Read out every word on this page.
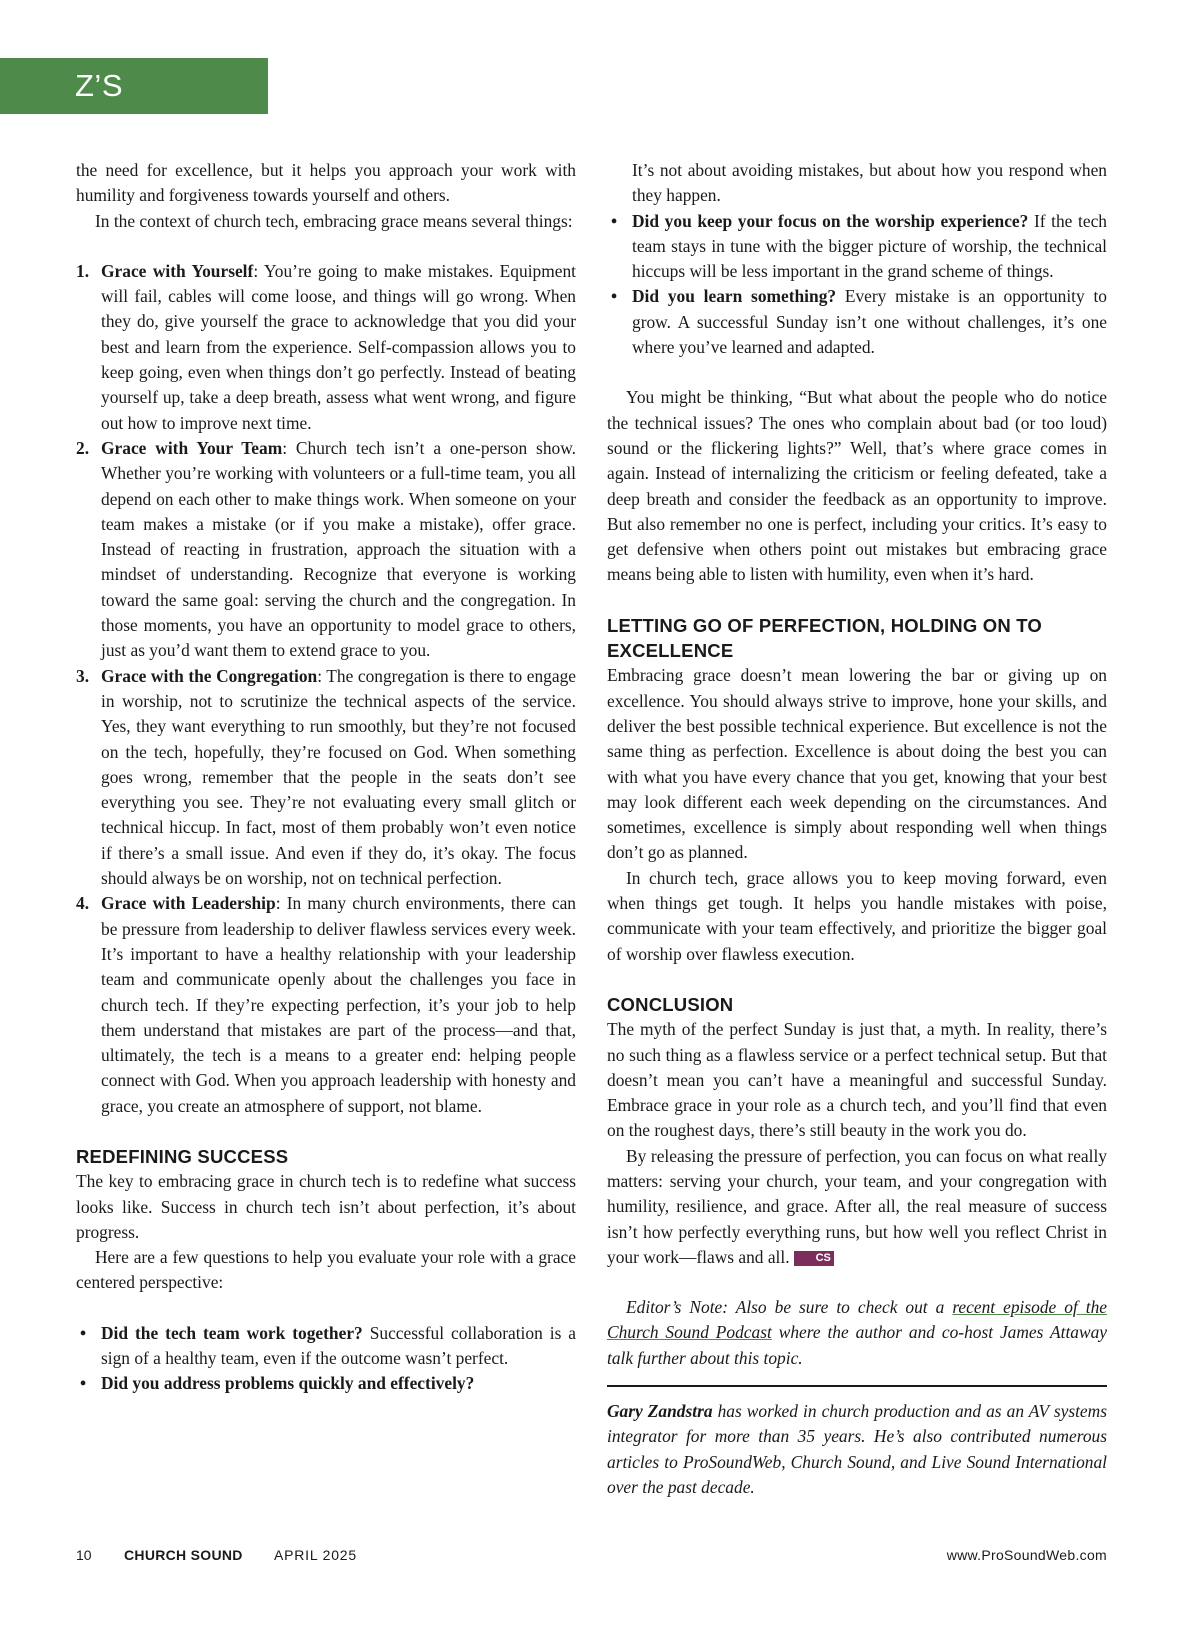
Z’S CORNER

the need for excellence, but it helps you approach your work with humility and forgiveness towards yourself and others.

In the context of church tech, embracing grace means several things:

1. Grace with Yourself: You’re going to make mistakes. Equipment will fail, cables will come loose, and things will go wrong. When they do, give yourself the grace to acknowledge that you did your best and learn from the experience. Self-compassion allows you to keep going, even when things don’t go perfectly. Instead of beating yourself up, take a deep breath, assess what went wrong, and figure out how to improve next time.
2. Grace with Your Team: Church tech isn’t a one-person show. Whether you’re working with volunteers or a full-time team, you all depend on each other to make things work. When someone on your team makes a mistake (or if you make a mistake), offer grace. Instead of reacting in frustration, approach the situation with a mindset of understanding. Recognize that everyone is working toward the same goal: serving the church and the congregation. In those moments, you have an opportunity to model grace to others, just as you’d want them to extend grace to you.
3. Grace with the Congregation: The congregation is there to engage in worship, not to scrutinize the technical aspects of the service. Yes, they want everything to run smoothly, but they’re not focused on the tech, hopefully, they’re focused on God. When something goes wrong, remember that the people in the seats don’t see everything you see. They’re not evaluating every small glitch or technical hiccup. In fact, most of them probably won’t even notice if there’s a small issue. And even if they do, it’s okay. The focus should always be on worship, not on technical perfection.
4. Grace with Leadership: In many church environments, there can be pressure from leadership to deliver flawless services every week. It’s important to have a healthy relationship with your leadership team and communicate openly about the challenges you face in church tech. If they’re expecting perfection, it’s your job to help them understand that mistakes are part of the process—and that, ultimately, the tech is a means to a greater end: helping people connect with God. When you approach leadership with honesty and grace, you create an atmosphere of support, not blame.
REDEFINING SUCCESS

The key to embracing grace in church tech is to redefine what success looks like. Success in church tech isn’t about perfection, it’s about progress.

Here are a few questions to help you evaluate your role with a grace centered perspective:

• Did the tech team work together? Successful collaboration is a sign of a healthy team, even if the outcome wasn’t perfect.
• Did you address problems quickly and effectively?

It’s not about avoiding mistakes, but about how you respond when they happen.

• Did you keep your focus on the worship experience? If the tech team stays in tune with the bigger picture of worship, the technical hiccups will be less important in the grand scheme of things.
• Did you learn something? Every mistake is an opportunity to grow. A successful Sunday isn’t one without challenges, it’s one where you’ve learned and adapted.

You might be thinking, “But what about the people who do notice the technical issues? The ones who complain about bad (or too loud) sound or the flickering lights?” Well, that’s where grace comes in again. Instead of internalizing the criticism or feeling defeated, take a deep breath and consider the feedback as an opportunity to improve. But also remember no one is perfect, including your critics. It’s easy to get defensive when others point out mistakes but embracing grace means being able to listen with humility, even when it’s hard.

LETTING GO OF PERFECTION, HOLDING ON TO EXCELLENCE

Embracing grace doesn’t mean lowering the bar or giving up on excellence. You should always strive to improve, hone your skills, and deliver the best possible technical experience. But excellence is not the same thing as perfection. Excellence is about doing the best you can with what you have every chance that you get, knowing that your best may look different each week depending on the circumstances. And sometimes, excellence is simply about responding well when things don’t go as planned.

In church tech, grace allows you to keep moving forward, even when things get tough. It helps you handle mistakes with poise, communicate with your team effectively, and prioritize the bigger goal of worship over flawless execution.

CONCLUSION

The myth of the perfect Sunday is just that, a myth. In reality, there’s no such thing as a flawless service or a perfect technical setup. But that doesn’t mean you can’t have a meaningful and successful Sunday. Embrace grace in your role as a church tech, and you’ll find that even on the roughest days, there’s still beauty in the work you do.

By releasing the pressure of perfection, you can focus on what really matters: serving your church, your team, and your congregation with humility, resilience, and grace. After all, the real measure of success isn’t how perfectly everything runs, but how well you reflect Christ in your work—flaws and all. CS

Editor’s Note: Also be sure to check out a recent episode of the Church Sound Podcast where the author and co-host James Attaway talk further about this topic.

Gary Zandstra has worked in church production and as an AV systems integrator for more than 35 years. He’s also contributed numerous articles to ProSoundWeb, Church Sound, and Live Sound International over the past decade.

10 CHURCH SOUND APRIL 2025	www.ProSoundWeb.com
